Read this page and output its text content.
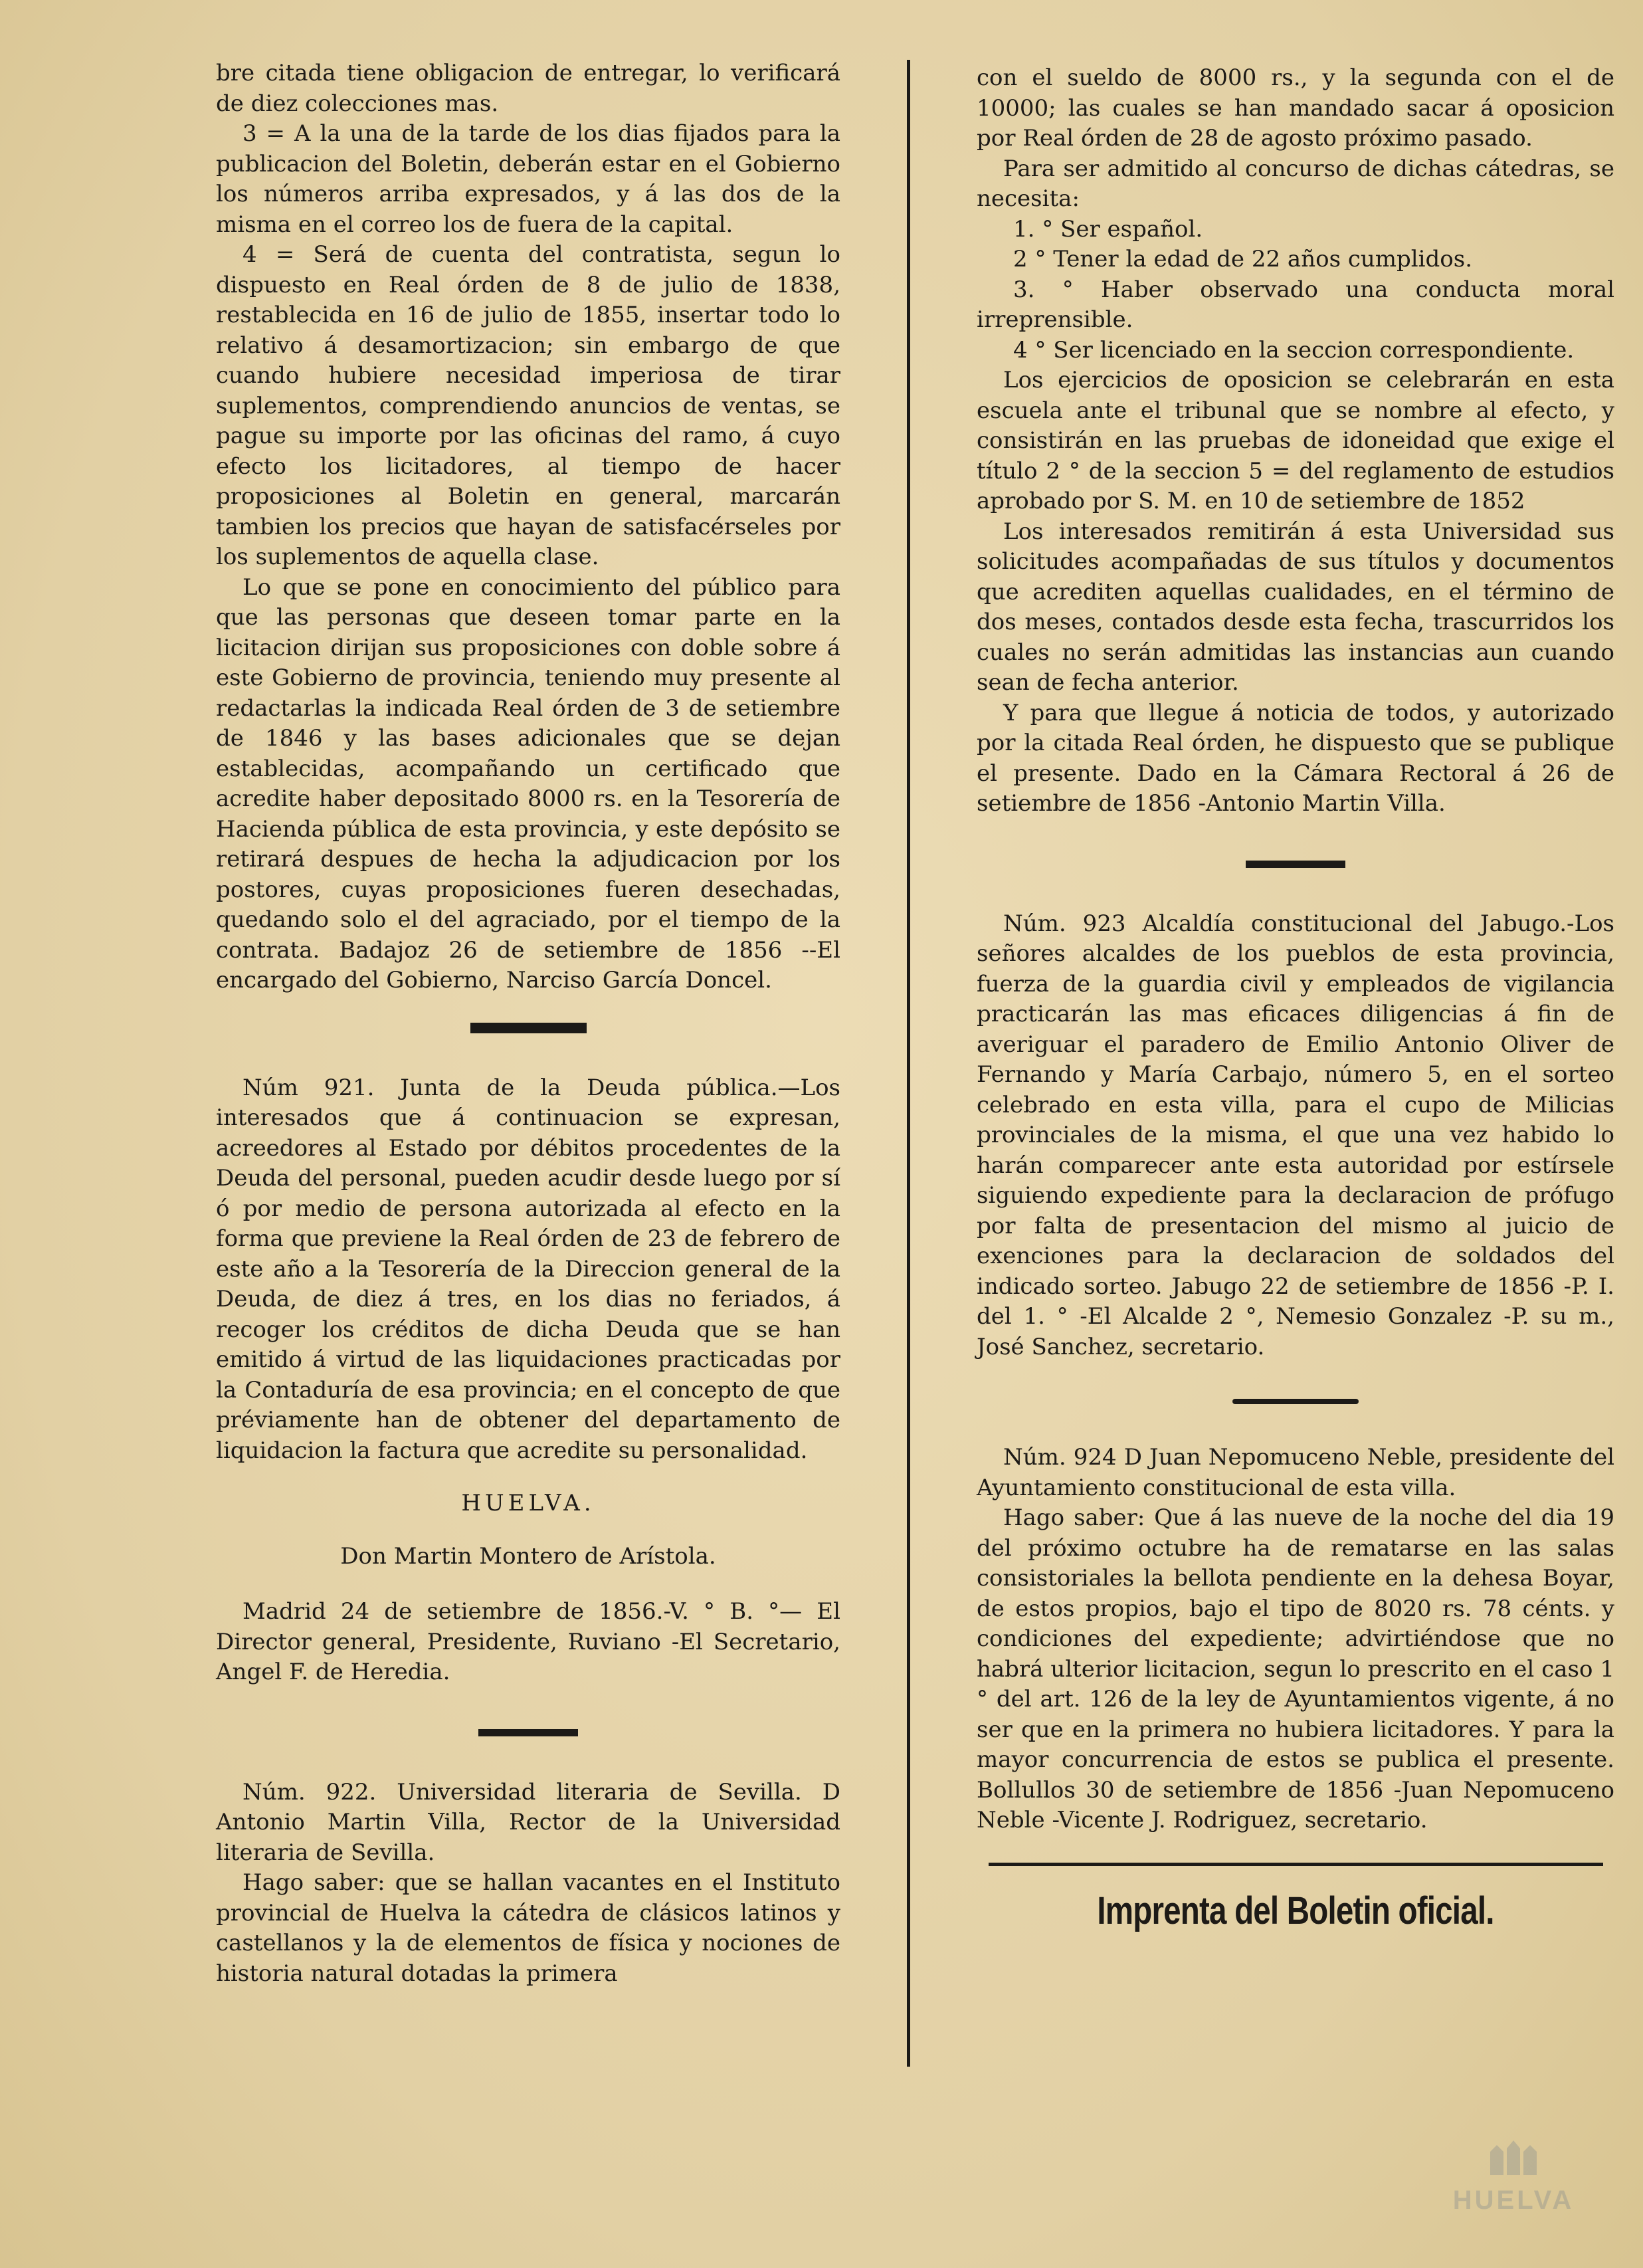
bre citada tiene obligacion de entregar, lo verificará de diez colecciones mas.

3 = A la una de la tarde de los dias fijados para la publicacion del Boletin, deberán estar en el Gobierno los números arriba expresados, y á las dos de la misma en el correo los de fuera de la capital.

4 = Será de cuenta del contratista, segun lo dispuesto en Real órden de 8 de julio de 1838, restablecida en 16 de julio de 1855, insertar todo lo relativo á desamortizacion; sin embargo de que cuando hubiere necesidad imperiosa de tirar suplementos, comprendiendo anuncios de ventas, se pague su importe por las oficinas del ramo, á cuyo efecto los licitadores, al tiempo de hacer proposiciones al Boletin en general, marcarán tambien los precios que hayan de satisfacérseles por los suplementos de aquella clase.

Lo que se pone en conocimiento del público para que las personas que deseen tomar parte en la licitacion dirijan sus proposiciones con doble sobre á este Gobierno de provincia, teniendo muy presente al redactarlas la indicada Real órden de 3 de setiembre de 1846 y las bases adicionales que se dejan establecidas, acompañando un certificado que acredite haber depositado 8000 rs. en la Tesorería de Hacienda pública de esta provincia, y este depósito se retirará despues de hecha la adjudicacion por los postores, cuyas proposiciones fueren desechadas, quedando solo el del agraciado, por el tiempo de la contrata. Badajoz 26 de setiembre de 1856 --El encargado del Gobierno, Narciso García Doncel.

Núm 921. Junta de la Deuda pública.—Los interesados que á continuacion se expresan, acreedores al Estado por débitos procedentes de la Deuda del personal, pueden acudir desde luego por sí ó por medio de persona autorizada al efecto en la forma que previene la Real órden de 23 de febrero de este año a la Tesorería de la Direccion general de la Deuda, de diez á tres, en los dias no feriados, á recoger los créditos de dicha Deuda que se han emitido á virtud de las liquidaciones practicadas por la Contaduría de esa provincia; en el concepto de que préviamente han de obtener del departamento de liquidacion la factura que acredite su personalidad.

HUELVA.

Don Martin Montero de Arístola.

Madrid 24 de setiembre de 1856.-V. ° B. °— El Director general, Presidente, Ruviano -El Secretario, Angel F. de Heredia.

Núm. 922. Universidad literaria de Sevilla. D Antonio Martin Villa, Rector de la Universidad literaria de Sevilla.

Hago saber: que se hallan vacantes en el Instituto provincial de Huelva la cátedra de clásicos latinos y castellanos y la de elementos de física y nociones de historia natural dotadas la primera

con el sueldo de 8000 rs., y la segunda con el de 10000; las cuales se han mandado sacar á oposicion por Real órden de 28 de agosto próximo pasado.

Para ser admitido al concurso de dichas cátedras, se necesita:

1. ° Ser español.

2 ° Tener la edad de 22 años cumplidos.

3. ° Haber observado una conducta moral irreprensible.

4 ° Ser licenciado en la seccion correspondiente.

Los ejercicios de oposicion se celebrarán en esta escuela ante el tribunal que se nombre al efecto, y consistirán en las pruebas de idoneidad que exige el título 2 ° de la seccion 5 = del reglamento de estudios aprobado por S. M. en 10 de setiembre de 1852

Los interesados remitirán á esta Universidad sus solicitudes acompañadas de sus títulos y documentos que acrediten aquellas cualidades, en el término de dos meses, contados desde esta fecha, trascurridos los cuales no serán admitidas las instancias aun cuando sean de fecha anterior.

Y para que llegue á noticia de todos, y autorizado por la citada Real órden, he dispuesto que se publique el presente. Dado en la Cámara Rectoral á 26 de setiembre de 1856 -Antonio Martin Villa.

Núm. 923 Alcaldía constitucional del Jabugo.-Los señores alcaldes de los pueblos de esta provincia, fuerza de la guardia civil y empleados de vigilancia practicarán las mas eficaces diligencias á fin de averiguar el paradero de Emilio Antonio Oliver de Fernando y María Carbajo, número 5, en el sorteo celebrado en esta villa, para el cupo de Milicias provinciales de la misma, el que una vez habido lo harán comparecer ante esta autoridad por estírsele siguiendo expediente para la declaracion de prófugo por falta de presentacion del mismo al juicio de exenciones para la declaracion de soldados del indicado sorteo. Jabugo 22 de setiembre de 1856 -P. I. del 1. ° -El Alcalde 2 °, Nemesio Gonzalez -P. su m., José Sanchez, secretario.

Núm. 924 D Juan Nepomuceno Neble, presidente del Ayuntamiento constitucional de esta villa.

Hago saber: Que á las nueve de la noche del dia 19 del próximo octubre ha de rematarse en las salas consistoriales la bellota pendiente en la dehesa Boyar, de estos propios, bajo el tipo de 8020 rs. 78 cénts. y condiciones del expediente; advirtiéndose que no habrá ulterior licitacion, segun lo prescrito en el caso 1 ° del art. 126 de la ley de Ayuntamientos vigente, á no ser que en la primera no hubiera licitadores. Y para la mayor concurrencia de estos se publica el presente. Bollullos 30 de setiembre de 1856 -Juan Nepomuceno Neble -Vicente J. Rodriguez, secretario.

Imprenta del Boletin oficial.

HUELVA
